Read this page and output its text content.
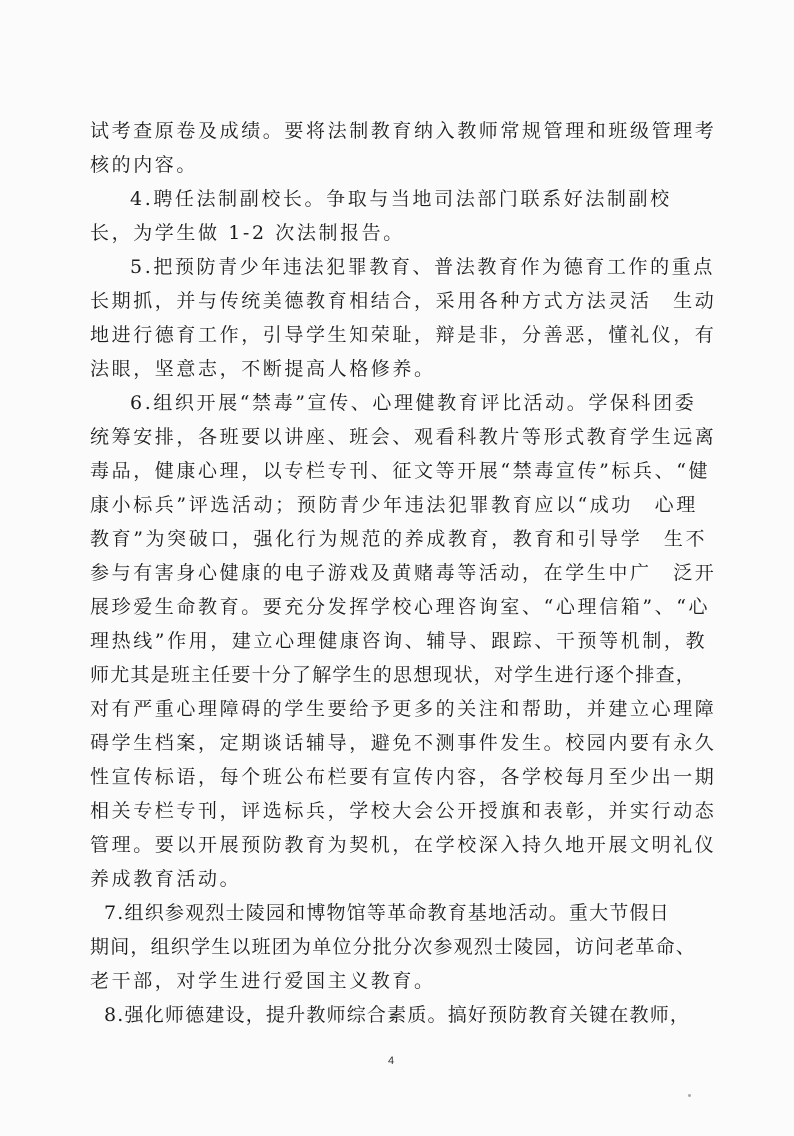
试考查原卷及成绩。要将法制教育纳入教师常规管理和班级管理考
核的内容。
4.聘任法制副校长。争取与当地司法部门联系好法制副校
长，为学生做 1-2 次法制报告。
5.把预防青少年违法犯罪教育、普法教育作为德育工作的重点
长期抓，并与传统美德教育相结合，采用各种方式方法灵活　生动
地进行德育工作，引导学生知荣耻，辩是非，分善恶，懂礼仪，有
法眼，坚意志，不断提高人格修养。
6.组织开展“禁毒”宣传、心理健教育评比活动。学保科团委
统筹安排，各班要以讲座、班会、观看科教片等形式教育学生远离
毒品，健康心理，以专栏专刊、征文等开展“禁毒宣传”标兵、“健
康小标兵”评选活动；预防青少年违法犯罪教育应以“成功　心理
教育”为突破口，强化行为规范的养成教育，教育和引导学　生不
参与有害身心健康的电子游戏及黄赌毒等活动，在学生中广　泛开
展珍爱生命教育。要充分发挥学校心理咨询室、“心理信箱”、“心
理热线”作用，建立心理健康咨询、辅导、跟踪、干预等机制，教
师尤其是班主任要十分了解学生的思想现状，对学生进行逐个排查，
对有严重心理障碍的学生要给予更多的关注和帮助，并建立心理障
碍学生档案，定期谈话辅导，避免不测事件发生。校园内要有永久
性宣传标语，每个班公布栏要有宣传内容，各学校每月至少出一期
相关专栏专刊，评选标兵，学校大会公开授旗和表彰，并实行动态
管理。要以开展预防教育为契机，在学校深入持久地开展文明礼仪
养成教育活动。
7.组织参观烈士陵园和博物馆等革命教育基地活动。重大节假日
期间，组织学生以班团为单位分批分次参观烈士陵园，访问老革命、
老干部，对学生进行爱国主义教育。
8.强化师德建设，提升教师综合素质。搞好预防教育关键在教师，
4
